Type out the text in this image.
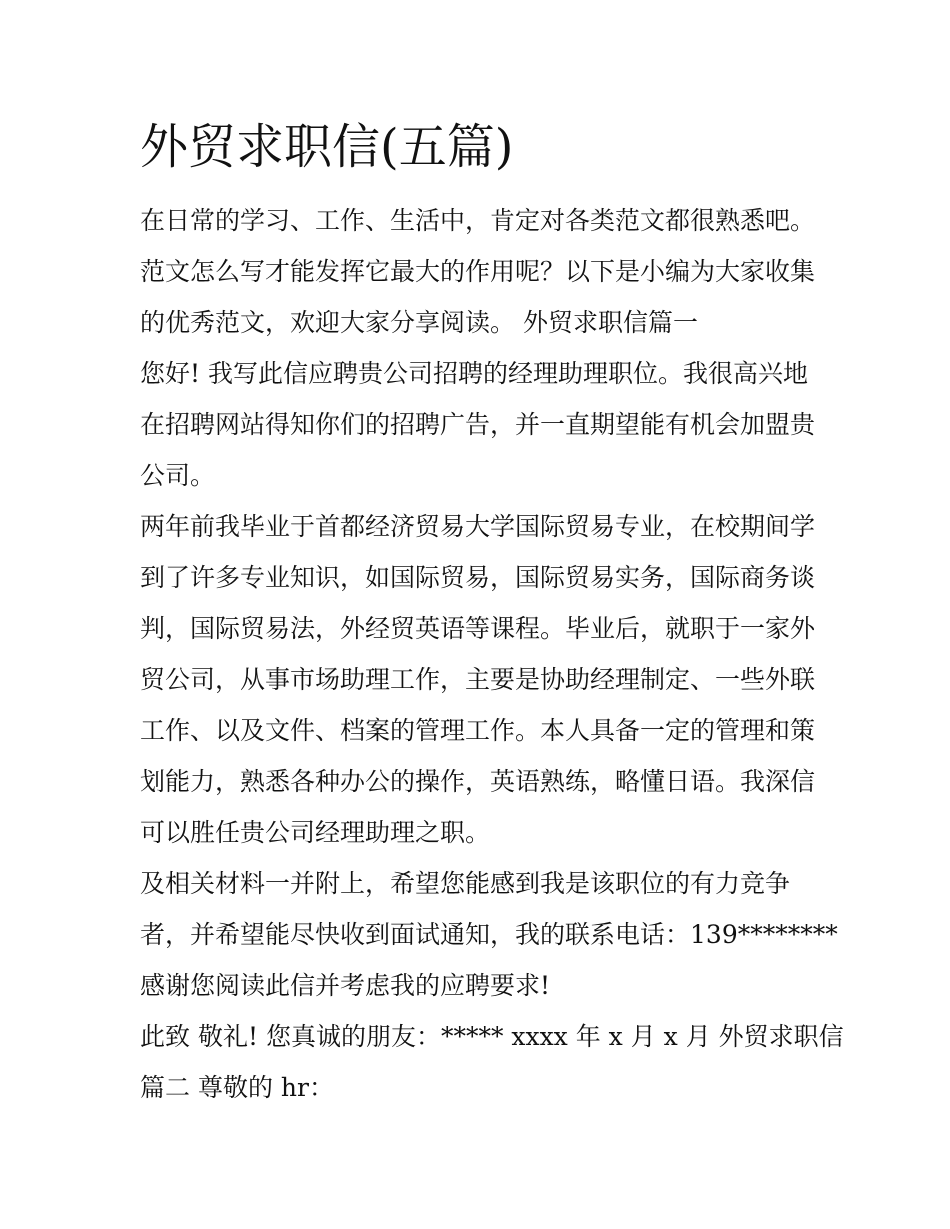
外贸求职信(五篇)
在日常的学习、工作、生活中，肯定对各类范文都很熟悉吧。
范文怎么写才能发挥它最大的作用呢？以下是小编为大家收集
的优秀范文，欢迎大家分享阅读。 外贸求职信篇一
您好! 我写此信应聘贵公司招聘的经理助理职位。我很高兴地
在招聘网站得知你们的招聘广告，并一直期望能有机会加盟贵
公司。
两年前我毕业于首都经济贸易大学国际贸易专业，在校期间学
到了许多专业知识，如国际贸易，国际贸易实务，国际商务谈
判，国际贸易法，外经贸英语等课程。毕业后，就职于一家外
贸公司，从事市场助理工作，主要是协助经理制定、一些外联
工作、以及文件、档案的管理工作。本人具备一定的管理和策
划能力，熟悉各种办公的操作，英语熟练，略懂日语。我深信
可以胜任贵公司经理助理之职。
及相关材料一并附上，希望您能感到我是该职位的有力竞争
者，并希望能尽快收到面试通知，我的联系电话：139********
感谢您阅读此信并考虑我的应聘要求!
此致 敬礼! 您真诚的朋友：***** xxxx 年 x 月 x 月 外贸求职信
篇二 尊敬的 hr：
